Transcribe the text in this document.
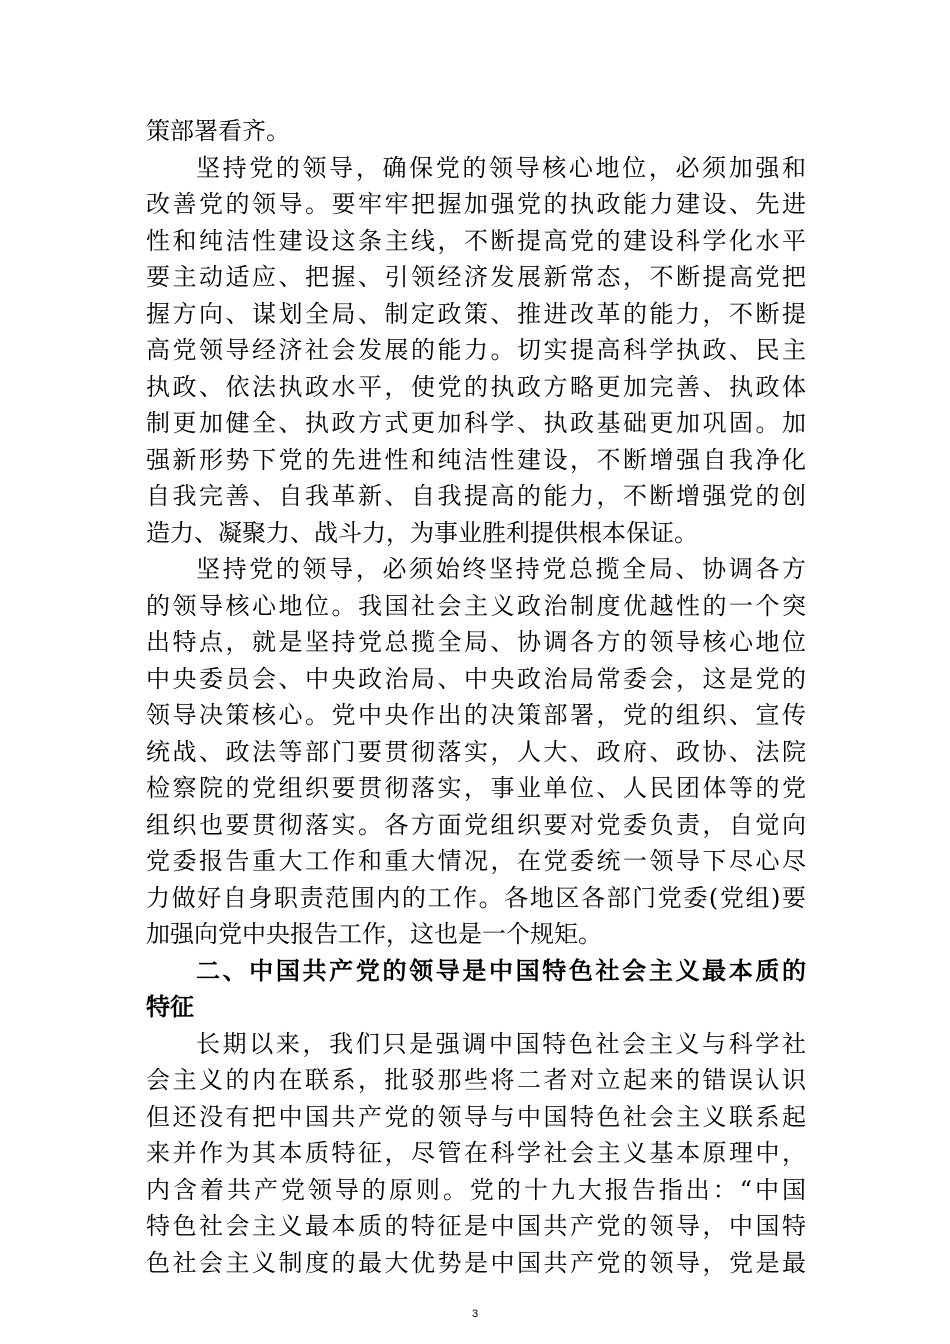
策部署看齐。
坚持党的领导，确保党的领导核心地位，必须加强和
改善党的领导。要牢牢把握加强党的执政能力建设、先进
性和纯洁性建设这条主线，不断提高党的建设科学化水平
要主动适应、把握、引领经济发展新常态，不断提高党把
握方向、谋划全局、制定政策、推进改革的能力，不断提
高党领导经济社会发展的能力。切实提高科学执政、民主
执政、依法执政水平，使党的执政方略更加完善、执政体
制更加健全、执政方式更加科学、执政基础更加巩固。加
强新形势下党的先进性和纯洁性建设，不断增强自我净化
自我完善、自我革新、自我提高的能力，不断增强党的创
造力、凝聚力、战斗力，为事业胜利提供根本保证。
坚持党的领导，必须始终坚持党总揽全局、协调各方
的领导核心地位。我国社会主义政治制度优越性的一个突
出特点，就是坚持党总揽全局、协调各方的领导核心地位
中央委员会、中央政治局、中央政治局常委会，这是党的
领导决策核心。党中央作出的决策部署，党的组织、宣传
统战、政法等部门要贯彻落实，人大、政府、政协、法院
检察院的党组织要贯彻落实，事业单位、人民团体等的党
组织也要贯彻落实。各方面党组织要对党委负责，自觉向
党委报告重大工作和重大情况，在党委统一领导下尽心尽
力做好自身职责范围内的工作。各地区各部门党委(党组)要
加强向党中央报告工作，这也是一个规矩。
二、中国共产党的领导是中国特色社会主义最本质的
特征
长期以来，我们只是强调中国特色社会主义与科学社
会主义的内在联系，批驳那些将二者对立起来的错误认识
但还没有把中国共产党的领导与中国特色社会主义联系起
来并作为其本质特征，尽管在科学社会主义基本原理中，
内含着共产党领导的原则。党的十九大报告指出：“中国
特色社会主义最本质的特征是中国共产党的领导，中国特
色社会主义制度的最大优势是中国共产党的领导，党是最
3
